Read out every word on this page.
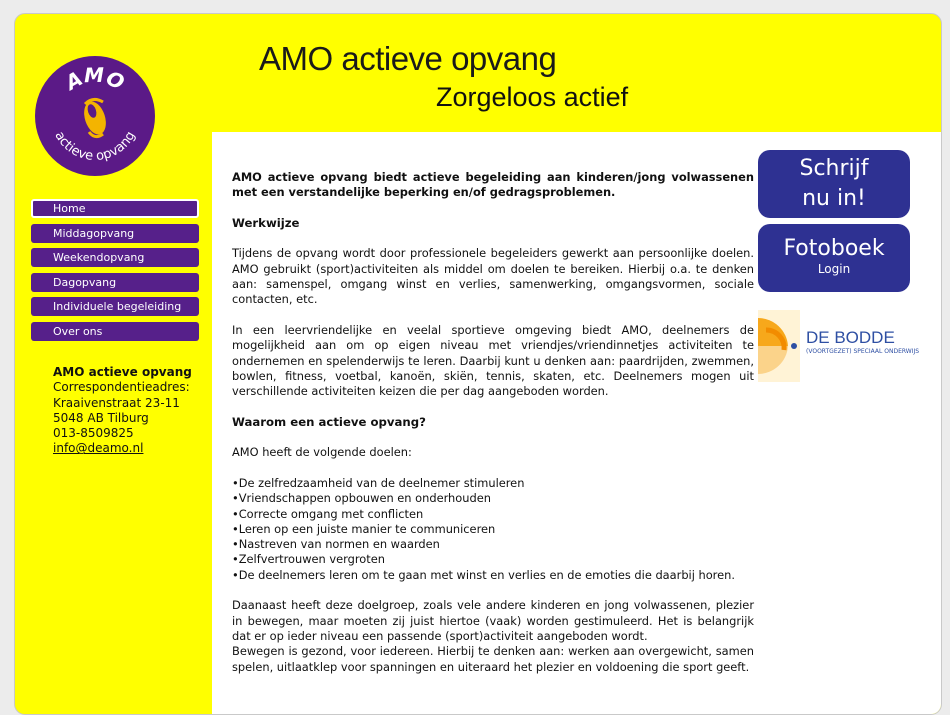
AMO
actieve opvang
AMO actieve opvang
Zorgeloos actief
Home
Middagopvang
Weekendopvang
Dagopvang
Individuele begeleiding
Over ons
AMO actieve opvang
Correspondentieadres:
Kraaivenstraat 23-11
5048 AB Tilburg
013-8509825
info@deamo.nl

AMO actieve opvang biedt actieve begeleiding aan kinderen/jong volwassenen met een verstandelijke beperking en/of gedragsproblemen.

Werkwijze

Tijdens de opvang wordt door professionele begeleiders gewerkt aan persoonlijke doelen. AMO gebruikt (sport)activiteiten als middel om doelen te bereiken. Hierbij o.a. te denken aan: samenspel, omgang winst en verlies, samenwerking, omgangsvormen, sociale contacten, etc.

In een leervriendelijke en veelal sportieve omgeving biedt AMO, deelnemers de mogelijkheid aan om op eigen niveau met vriendjes/vriendinnetjes activiteiten te ondernemen en spelenderwijs te leren. Daarbij kunt u denken aan: paardrijden, zwemmen, bowlen, fitness, voetbal, kanoën, skiën, tennis, skaten, etc. Deelnemers mogen uit verschillende activiteiten keizen die per dag aangeboden worden.

Waarom een actieve opvang?

AMO heeft de volgende doelen:

• De zelfredzaamheid van de deelnemer stimuleren
• Vriendschappen opbouwen en onderhouden
• Correcte omgang met conflicten
• Leren op een juiste manier te communiceren
• Nastreven van normen en waarden
• Zelfvertrouwen vergroten
• De deelnemers leren om te gaan met winst en verlies en de emoties die daarbij horen.

Daanaast heeft deze doelgroep, zoals vele andere kinderen en jong volwassenen, plezier in bewegen, maar moeten zij juist hiertoe (vaak) worden gestimuleerd. Het is belangrijk dat er op ieder niveau een passende (sport)activiteit aangeboden wordt.

Bewegen is gezond, voor iedereen. Hierbij te denken aan: werken aan overgewicht, samen spelen, uitlaatklep voor spanningen en uiteraard het plezier en voldoening die sport geeft.

Schrijf
nu in!
Fotoboek
Login
DE BODDE
(VOORTGEZET) SPECIAAL ONDERWIJS
